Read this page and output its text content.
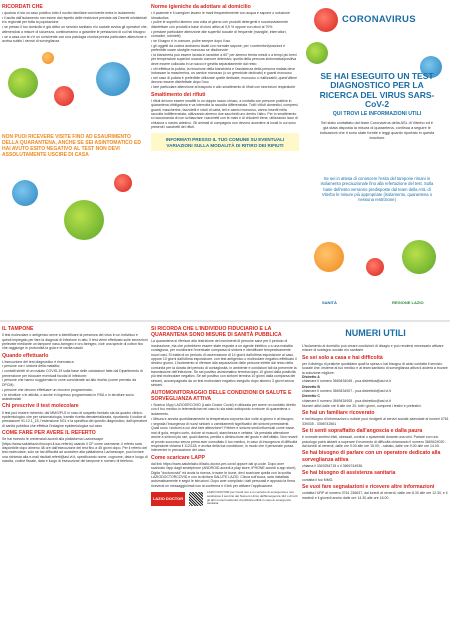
RICORDATI CHE
• qualora vi sia un caso positivo tutto il nucleo familiare convivente entra in isolamento
• l'uscita dall'isolamento non esime dal rispetto delle restrizioni previste dai Decreti ministeriali e/o regionali per tutta la popolazione
• se presso il tuo domicilio è già attivo un servizio sanitario e/o sociale avvisa gli operatori che, attenendosi a misure di sicurezza, continueranno a garantire le prestazioni di cui hai bisogno
• se a casa con te c'è un convivente con una patologia cronica presta particolare attenzione e avvisa subito i servizi di sorveglianza
NON PUOI RICEVERE VISITE FINO AD ESAURIMENTO DELLA QUARANTENA, ANCHE SE SEI ASINTOMATICO ED HAI AVUTO ESITO NEGATIVO AL TEST NON DEVI ASSOLUTAMENTE USCIRE DI CASA
Norme igieniche da adottare al domicilio
• il paziente e il caregiver lavano le mani frequentemente con acqua e sapone o soluzione idroalcolica
• pulire le superfici almeno una volta al giorno con prodotti detergenti e successivamente disinfettare con prodotti a base di cloro attivo al 0,5 % oppure con alcol al 70%
• prestare particolare attenzione alle superfici toccate di frequente (maniglie, interruttori, comodini, rubinetti)
• se il bagno è in comune, pulire sempre dopo l'uso
• gli oggetti da cucina andranno lavati con normale sapone, per i contenitori/posizioni è preferibile usare stoviglie monouso se disdicevole
• la biancheria può essere lavata in lavatrice a 60° per almeno trenta minuti o a tempi più brevi per temperature superiori usando comune detersivo; quella della persona sintomatica/positiva deve essere collocata in un sacco e gestita separatamente dal resto
• chi effettua la pulizia, la rimozione della biancheria e l'assistenza della persona malata deve indossare la mascherina, un camice monouso (o un grembiule dedicato) e guanti monouso
• nel caso di pulizia è preferibile utilizzare quelle dedicate, monouso o riutilizzabili, quest'ultime devono essere disinfettate dopo l'uso
• fare particolare attenzione al trasporto e allo smaltimento di rifiuti con secrezioni respiratorie
Smaltimento dei rifiuti
I rifiuti devono essere smaltiti in un doppio sacco chiuso, a contatto con persone positive in quarantena obbligatoria e va interrotta la raccolta differenziata. Tutti i rifiuti domestici, compresi guanti, mascherine, fazzoletti e rotoli di carta, teli e camici monouso, vanno inseriti nella raccolta indifferenziata, utilizzando almeno due sacchetti uno dentro l'altro. Per lo smaltimento si raccomanda di non schiacciare i sacchetti con le mani e di chiuderli bene, utilizzando lacci di chiusura o nastro adesivo. Gli animali di compagnia non devono accedere ai locali in cui sono presenti i sacchetti dei rifiuti.
INFORMATI PRESSO IL TUO COMUNE SU EVENTUALI VARIAZIONI SULLA MODALITÀ DI RITIRO DEI RIFIUTI
CORONAVIRUS
SE HAI ESEGUITO UN TEST DIAGNOSTICO PER LA RICERCA DEL VIRUS SARS-CoV-2
QUI TROVI LE INFORMAZIONI UTILI
Sei stato contattato dal team Coronavirus della ASL di Viterbo ed è già stata disposta la misura di quarantena, continua a seguire le indicazioni che ti sono state fornite e leggi quanto riportato in questa brochure
Se sei in attesa di conoscere l'esito del tampone rimani in isolamento precauzionale fino alla refertazione del test. Sulla base dell'esito verranno predisposte dal team della ASL di Viterbo le misure più appropriate (isolamento, quarantena o nessuna restrizione)
SANITÀ	REGIONE LAZIO
IL TAMPONE
Il test molecolare o antigenico serve a identificare la presenza del virus in un individuo e quindi impiegato per fare la diagnosi di infezione in atto. Il test viene effettuato sulle secrezioni prelevate mediante un tampone naso-faringeo e oro-faringeo, cioè una specie di cotton fioc che raggiunge in profondità la gola e le cavità nasali.
Quando effettuarlo
L'esecuzione del test diagnostico è riservata a:
• persone con i sintomi della malattia;
• contatti stretti di un malato COVID-19 sulla base delle valutazioni fatte dal Dipartimento di prevenzione per bloccare eventuali focolai di infezione;
• persone che hanno soggiornato in zone considerate ad alto rischio (come previsto da DPCM);
• persone che devono effettuare un ricovero programmato;
• le strutture o le attività, o anche in ingresso programmato in RSA o in strutture socio assistenziali
Chi prescrive il test molecolare
Il test può essere richiesto: dal MMG/PLS in caso di sospetto fondato sia da quadro clinico-epidemiologico che per sintomatologia, tramite ricetta dematerializzata, riportando il codice di prestazione 91.12.1_15, l'estensione 5G1 e la specifica del quesito diagnostico; dall'operatore di sanità pubblica che effettua l'indagine epidemiologica sul caso
COME FARE PER AVERE IL REFERTO
Se hai ricevuto le credenziali accedi alla piattaforma Lazioescape (https://www.salutelazio.it/scopri-il-tuo-referto) usando il CF come username, il referto sarà disponibile dopo almeno 48 ore dall'esecuzione del test fino a 45 giorni dopo. Per il referto del test molecolare, solo se hai difficoltà ad accedere alla piattaforma Lazioescape, puoi inviare una richiesta alla e-mail risultati.referti@asl.vt.it, specificando nome, cognome, data e luogo di nascita, codice fiscale, data e luogo di esecuzione del tampone e numero di telefono.
SI RICORDA CHE L'INDIVIDUO FIDUCIARIO E LA QUARANTENA SONO MISURE DI SANITÀ PUBBLICA
La quarantena si riferisce alla restrizione dei movimenti di persone sane per il periodo di incubazione, ma che potrebbero essere state esposte a un agente infettivo o a una malattia contagiosa, per monitorare l'eventuale comparsa di sintomi e identificare tempestivamente nuovi casi. Si tratta di un periodo di osservazione di 14 giorni dall'ultima esposizione al caso, oppure 10 giorni dall'ultima esposizione, con test antigenico o molecolare negativo effettuato il decimo giorno. L'isolamento si riferisce alla separazione delle persone infette dal resto della comunità per la durata del periodo di contagiosità, in ambiente e condizioni tali da prevenire la trasmissione dell'infezione. Se sei positivo asintomatico termina dopo 10 giorni dalla positività più test molecolare negativo. Se sei positivo con sintomi termina 10 giorni dalla comparsa dei sintomi, accompagnata da un test molecolare negativo eseguito dopo almeno 3 giorni senza sintomi.
AUTOMONITORAGGIO DELLE CONDIZIONI DI SALUTE E SORVEGLIANZA ATTIVA
• Scarica l'App LAZIODRCOVID (Lazio Doctor Covid) e utilizzala per avere un contatto diretto con il tuo medico in telemedicina nel caso tu sia stato sottoposto a misure di quarantena o isolamento.
• Misura e annota quotidianamente la temperatura corporea due volte al giorno e al bisogno;
• segnala l'insorgenza di nuovi sintomi o cambiamenti significativi dei sintomi preesistenti.
Quali sono i sintomi a cui devi fare attenzione? Febbre e sintomi simil-influenzali come tosse, mal di gola, respiro corto, dolore ai muscoli, stanchezza e cefalea. Va prestata attenzione anche a sintomi più rari, quali diarrea, perdita o diminuzione del gusto e dell'olfatto. Non recarti al pronto soccorso senza prima aver consultato il tuo medico, in caso di insorgenza di difficoltà respiratorie chiama il 112/118, e avvisa della tua condizione, in modo che il personale possa intervenire in precauzione del caso.
Come scaricare LAPP
dal link https://www.salutelazio.it/lazio-doctor-per-covid oppure dal qr-code. Dopo aver scaricato l'app dagli smartphone (ANDROID accedi a play store; iPHONE accedi a app store). Digita "doctorcovid" ed avvia la ricerca, trovare le icone, devi scaricare quella con la scritta LAZIODOCTORCOVID e con la dicitura SALUTE LAZIO. Clicca sull'icona, sarà installata automaticamente e segui le istruzioni. Dopo aver compilato i dati personali e apposto la firma riceverai un messaggio/mail con la conferma e il link per attivare l'applicazione.
LAZIO DOCTOR
LAZIO DOCTOR per Covid non è un servizio di emergenza e non sostituisce il servizio del Numero Unico dell'Emergenza 112 o di tutti gli altri numeri telefonici di pubblica utilità in caso di emergenza sanitaria
NUMERI UTILI
L'isolamento al domicilio può creare condizioni di disagio e può rendersi necessario attivare misure di sostegno sociale e/o sanitarie
Se sei solo a casa e hai difficoltà
per il disbrigo di pratiche quotidiane quali la spesa o hai bisogno di aiuto contatta il servizio sociale che, insieme al tuo medico e al team sanitario di sorveglianza attiva ti aiuterà a trovare la soluzione migliore.

Distretto A
chiamare il numero 3669434045 - pua.distrettoa@asl.vt.it

Distretto B
chiamare il numero 3669434907 - pua.distrettob@asl.vt.it

Distretto C
chiamare il numero 3669434905 - pua.distrettoc@asl.vt.it

Numeri attivi dalle ore 8 alle ore 20, tutti i giorni, compresi i festivi e prefestivi.
Se hai un familiare ricoverato
e hai bisogno di informazioni o notizie puoi rivolgerti ai servizi sociale aziendale ai numeri 0761 339035 - 3398742561
Se ti senti sopraffatto dall'angoscia e dalla paura
è normale sentirsi tristi, stressati, confusi o spaventati durante una crisi. Parlare con uno psicologo potrà aiutarti a superare il momento di difficoltà chiamando il numero 3669424020 - dal lunedì al venerdì, dalle ore 9.00 alle ore 15.00; - sabato, dalle ore 9.00 alle ore 14.00.
Se hai bisogno di parlare con un operatore dedicato alla sorveglianza attiva
chiama il 3349254715 o il 3669744936.
Se hai bisogno di assistenza sanitaria
contatta il tuo MMG.
Se vuoi fare segnalazioni e ricevere altre informazioni
contatta l'URP al numero 0761 236637, dal lunedì al venerdì, dalle ore 8.30 alle ore 12.30, e il martedì e il giovedì anche dalle ore 14.30 alle ore 16.00
